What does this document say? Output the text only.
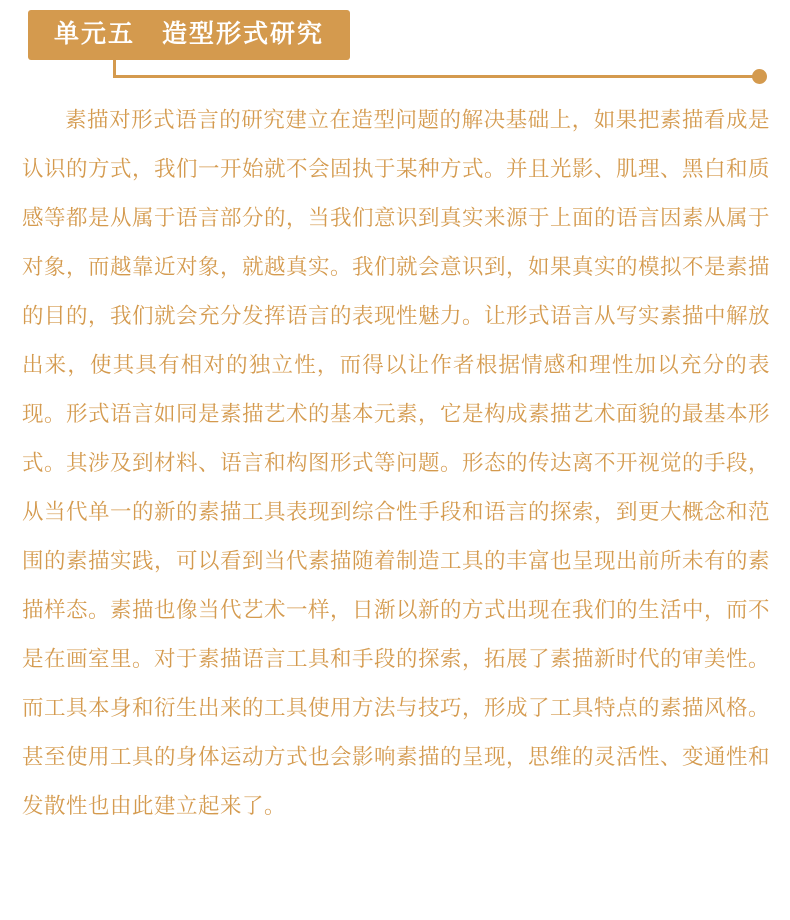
单元五　造型形式研究
素描对形式语言的研究建立在造型问题的解决基础上，如果把素描看成是认识的方式，我们一开始就不会固执于某种方式。并且光影、肌理、黑白和质感等都是从属于语言部分的，当我们意识到真实来源于上面的语言因素从属于对象，而越靠近对象，就越真实。我们就会意识到，如果真实的模拟不是素描的目的，我们就会充分发挥语言的表现性魅力。让形式语言从写实素描中解放出来，使其具有相对的独立性，而得以让作者根据情感和理性加以充分的表现。形式语言如同是素描艺术的基本元素，它是构成素描艺术面貌的最基本形式。其涉及到材料、语言和构图形式等问题。形态的传达离不开视觉的手段，从当代单一的新的素描工具表现到综合性手段和语言的探索，到更大概念和范围的素描实践，可以看到当代素描随着制造工具的丰富也呈现出前所未有的素描样态。素描也像当代艺术一样，日渐以新的方式出现在我们的生活中，而不是在画室里。对于素描语言工具和手段的探索，拓展了素描新时代的审美性。而工具本身和衍生出来的工具使用方法与技巧，形成了工具特点的素描风格。甚至使用工具的身体运动方式也会影响素描的呈现，思维的灵活性、变通性和发散性也由此建立起来了。
